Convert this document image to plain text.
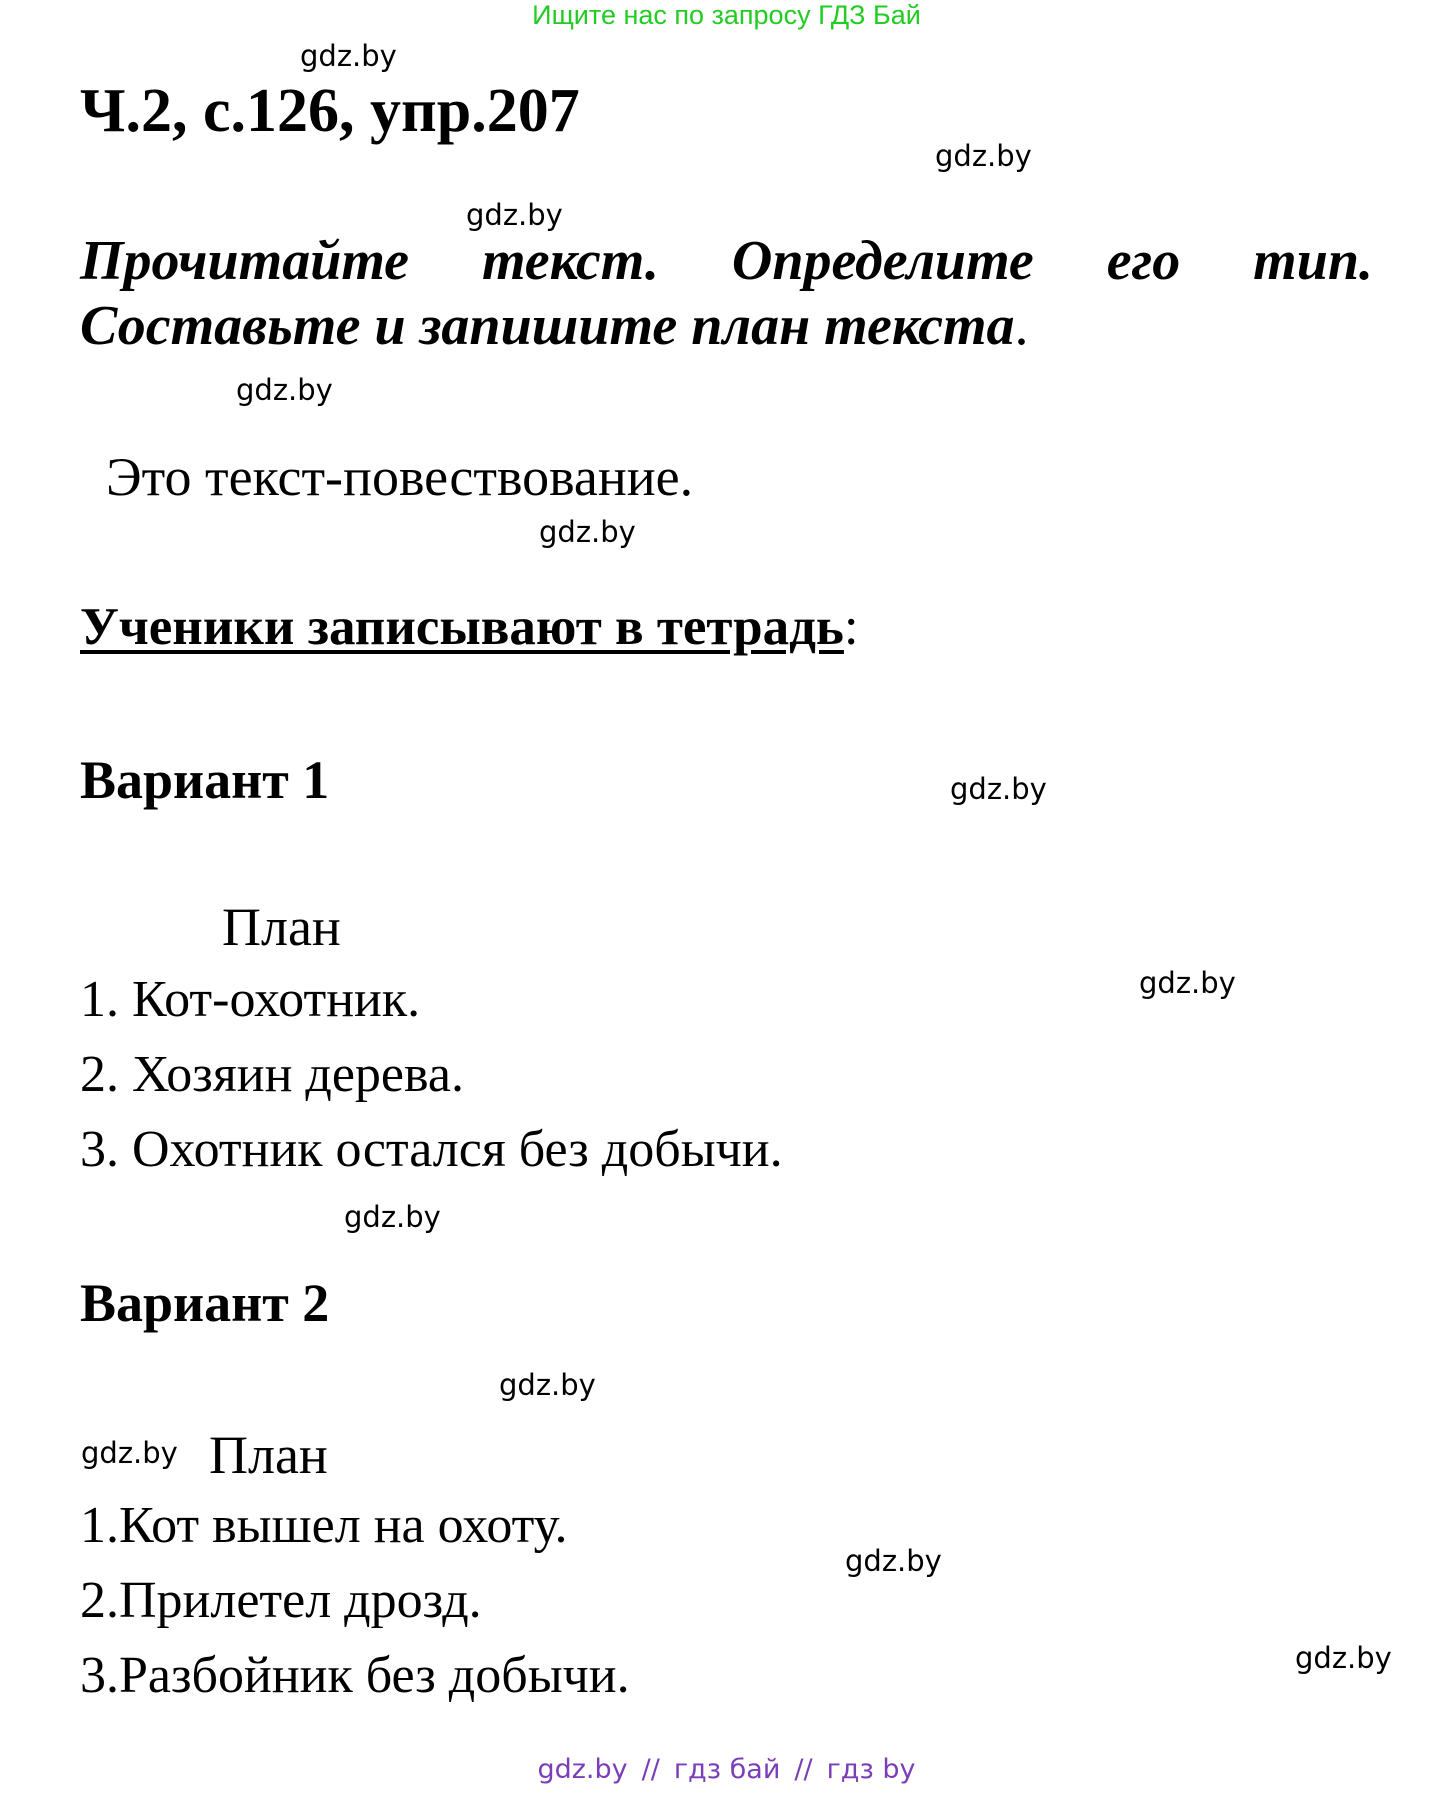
Ищите нас по запросу ГДЗ Бай
gdz.by
gdz.by
gdz.by
gdz.by
gdz.by
gdz.by
gdz.by
gdz.by
gdz.by
gdz.by
gdz.by
gdz.by
Ч.2, с.126, упр.207
Прочитайте текст. Определите его тип.
Составьте и запишите план текста.
Это текст-повествование.
Ученики записывают в тетрадь:
Вариант 1
План
1. Кот-охотник.
2. Хозяин дерева.
3. Охотник остался без добычи.
Вариант 2
План
1.Кот вышел на охоту.
2.Прилетел дрозд.
3.Разбойник без добычи.
gdz.by // гдз бай // гдз by
